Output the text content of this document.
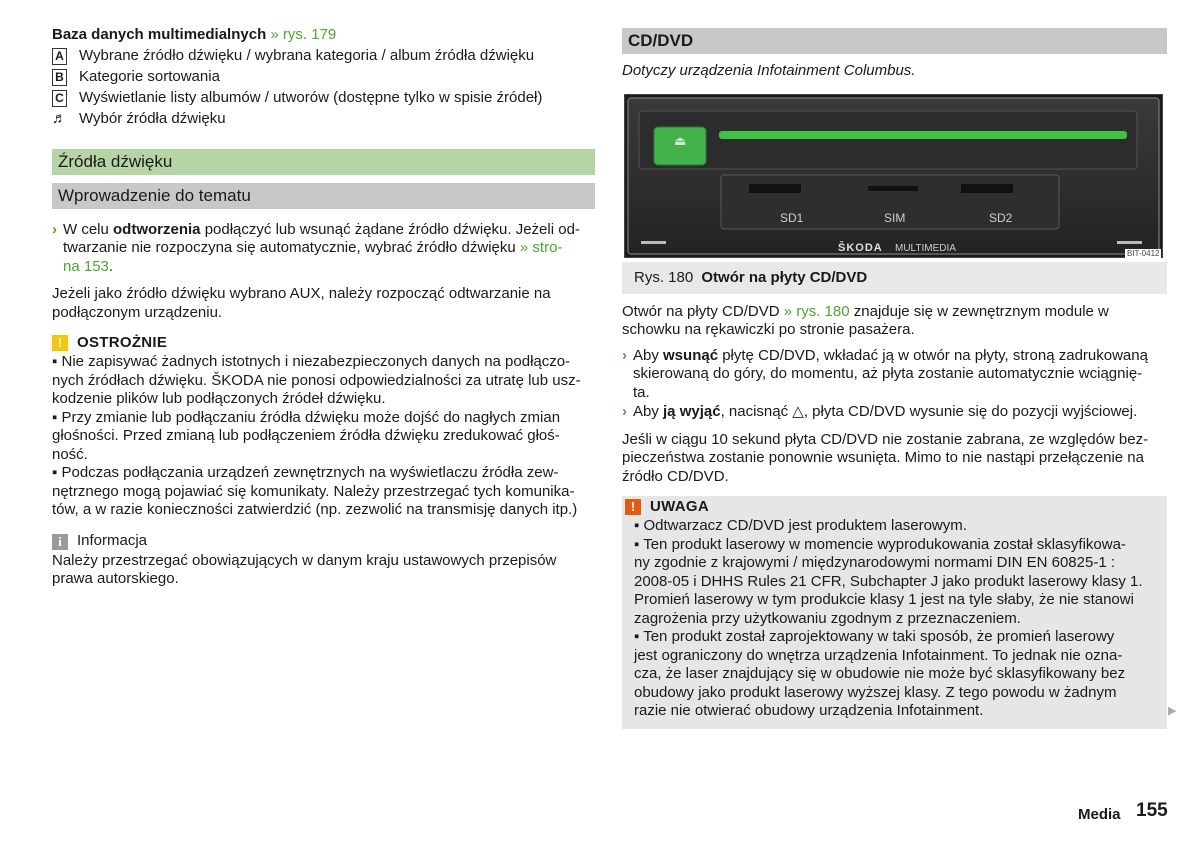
Baza danych multimedialnych » rys. 179

A Wybrane źródło dźwięku / wybrana kategoria / album źródła dźwięku
B Kategorie sortowania
C Wyświetlanie listy albumów / utworów (dostępne tylko w spisie źródeł)
♬ Wybór źródła dźwięku
Źródła dźwięku
Wprowadzenie do tematu
› W celu odtworzenia podłączyć lub wsunąć żądane źródło dźwięku. Jeżeli od-
twarzanie nie rozpoczyna się automatycznie, wybrać źródło dźwięku » stro-
na 153.

Jeżeli jako źródło dźwięku wybrano AUX, należy rozpocząć odtwarzanie na
podłączonym urządzeniu.

! OSTROŻNIE
▪ Nie zapisywać żadnych istotnych i niezabezpieczonych danych na podłączo-
nych źródłach dźwięku. ŠKODA nie ponosi odpowiedzialności za utratę lub usz-
kodzenie plików lub podłączonych źródeł dźwięku.
▪ Przy zmianie lub podłączaniu źródła dźwięku może dojść do nagłych zmian
głośności. Przed zmianą lub podłączeniem źródła dźwięku zredukować głoś-
ność.
▪ Podczas podłączania urządzeń zewnętrznych na wyświetlaczu źródła zew-
nętrznego mogą pojawiać się komunikaty. Należy przestrzegać tych komunika-
tów, a w razie konieczności zatwierdzić (np. zezwolić na transmisję danych itp.)
i	Informacja
Należy przestrzegać obowiązujących w danym kraju ustawowych przepisów
prawa autorskiego.
CD/DVD

Dotyczy urządzenia Infotainment Columbus.

⏏
SD1	SIM	SD2
ŠKODA MULTIMEDIA	BIT-0412
Rys. 180 Otwór na płyty CD/DVD

Otwór na płyty CD/DVD » rys. 180 znajduje się w zewnętrznym module w
schowku na rękawiczki po stronie pasażera.

› Aby wsunąć płytę CD/DVD, wkładać ją w otwór na płyty, stroną zadrukowaną
skierowaną do góry, do momentu, aż płyta zostanie automatycznie wciągnię-
ta.
› Aby ją wyjąć, nacisnąć △, płyta CD/DVD wysunie się do pozycji wyjściowej.
Jeśli w ciągu 10 sekund płyta CD/DVD nie zostanie zabrana, ze względów bez-
pieczeństwa zostanie ponownie wsunięta. Mimo to nie nastąpi przełączenie na
źródło CD/DVD.
! UWAGA
▪ Odtwarzacz CD/DVD jest produktem laserowym.
▪ Ten produkt laserowy w momencie wyprodukowania został sklasyfikowa-
ny zgodnie z krajowymi / międzynarodowymi normami DIN EN 60825-1 :
2008-05 i DHHS Rules 21 CFR, Subchapter J jako produkt laserowy klasy 1.
Promień laserowy w tym produkcie klasy 1 jest na tyle słaby, że nie stanowi
zagrożenia przy użytkowaniu zgodnym z przeznaczeniem.
▪ Ten produkt został zaprojektowany w taki sposób, że promień laserowy
jest ograniczony do wnętrza urządzenia Infotainment. To jednak nie ozna-
cza, że laser znajdujący się w obudowie nie może być sklasyfikowany bez
obudowy jako produkt laserowy wyższej klasy. Z tego powodu w żadnym
razie nie otwierać obudowy urządzenia Infotainment.	▶
Media 155
